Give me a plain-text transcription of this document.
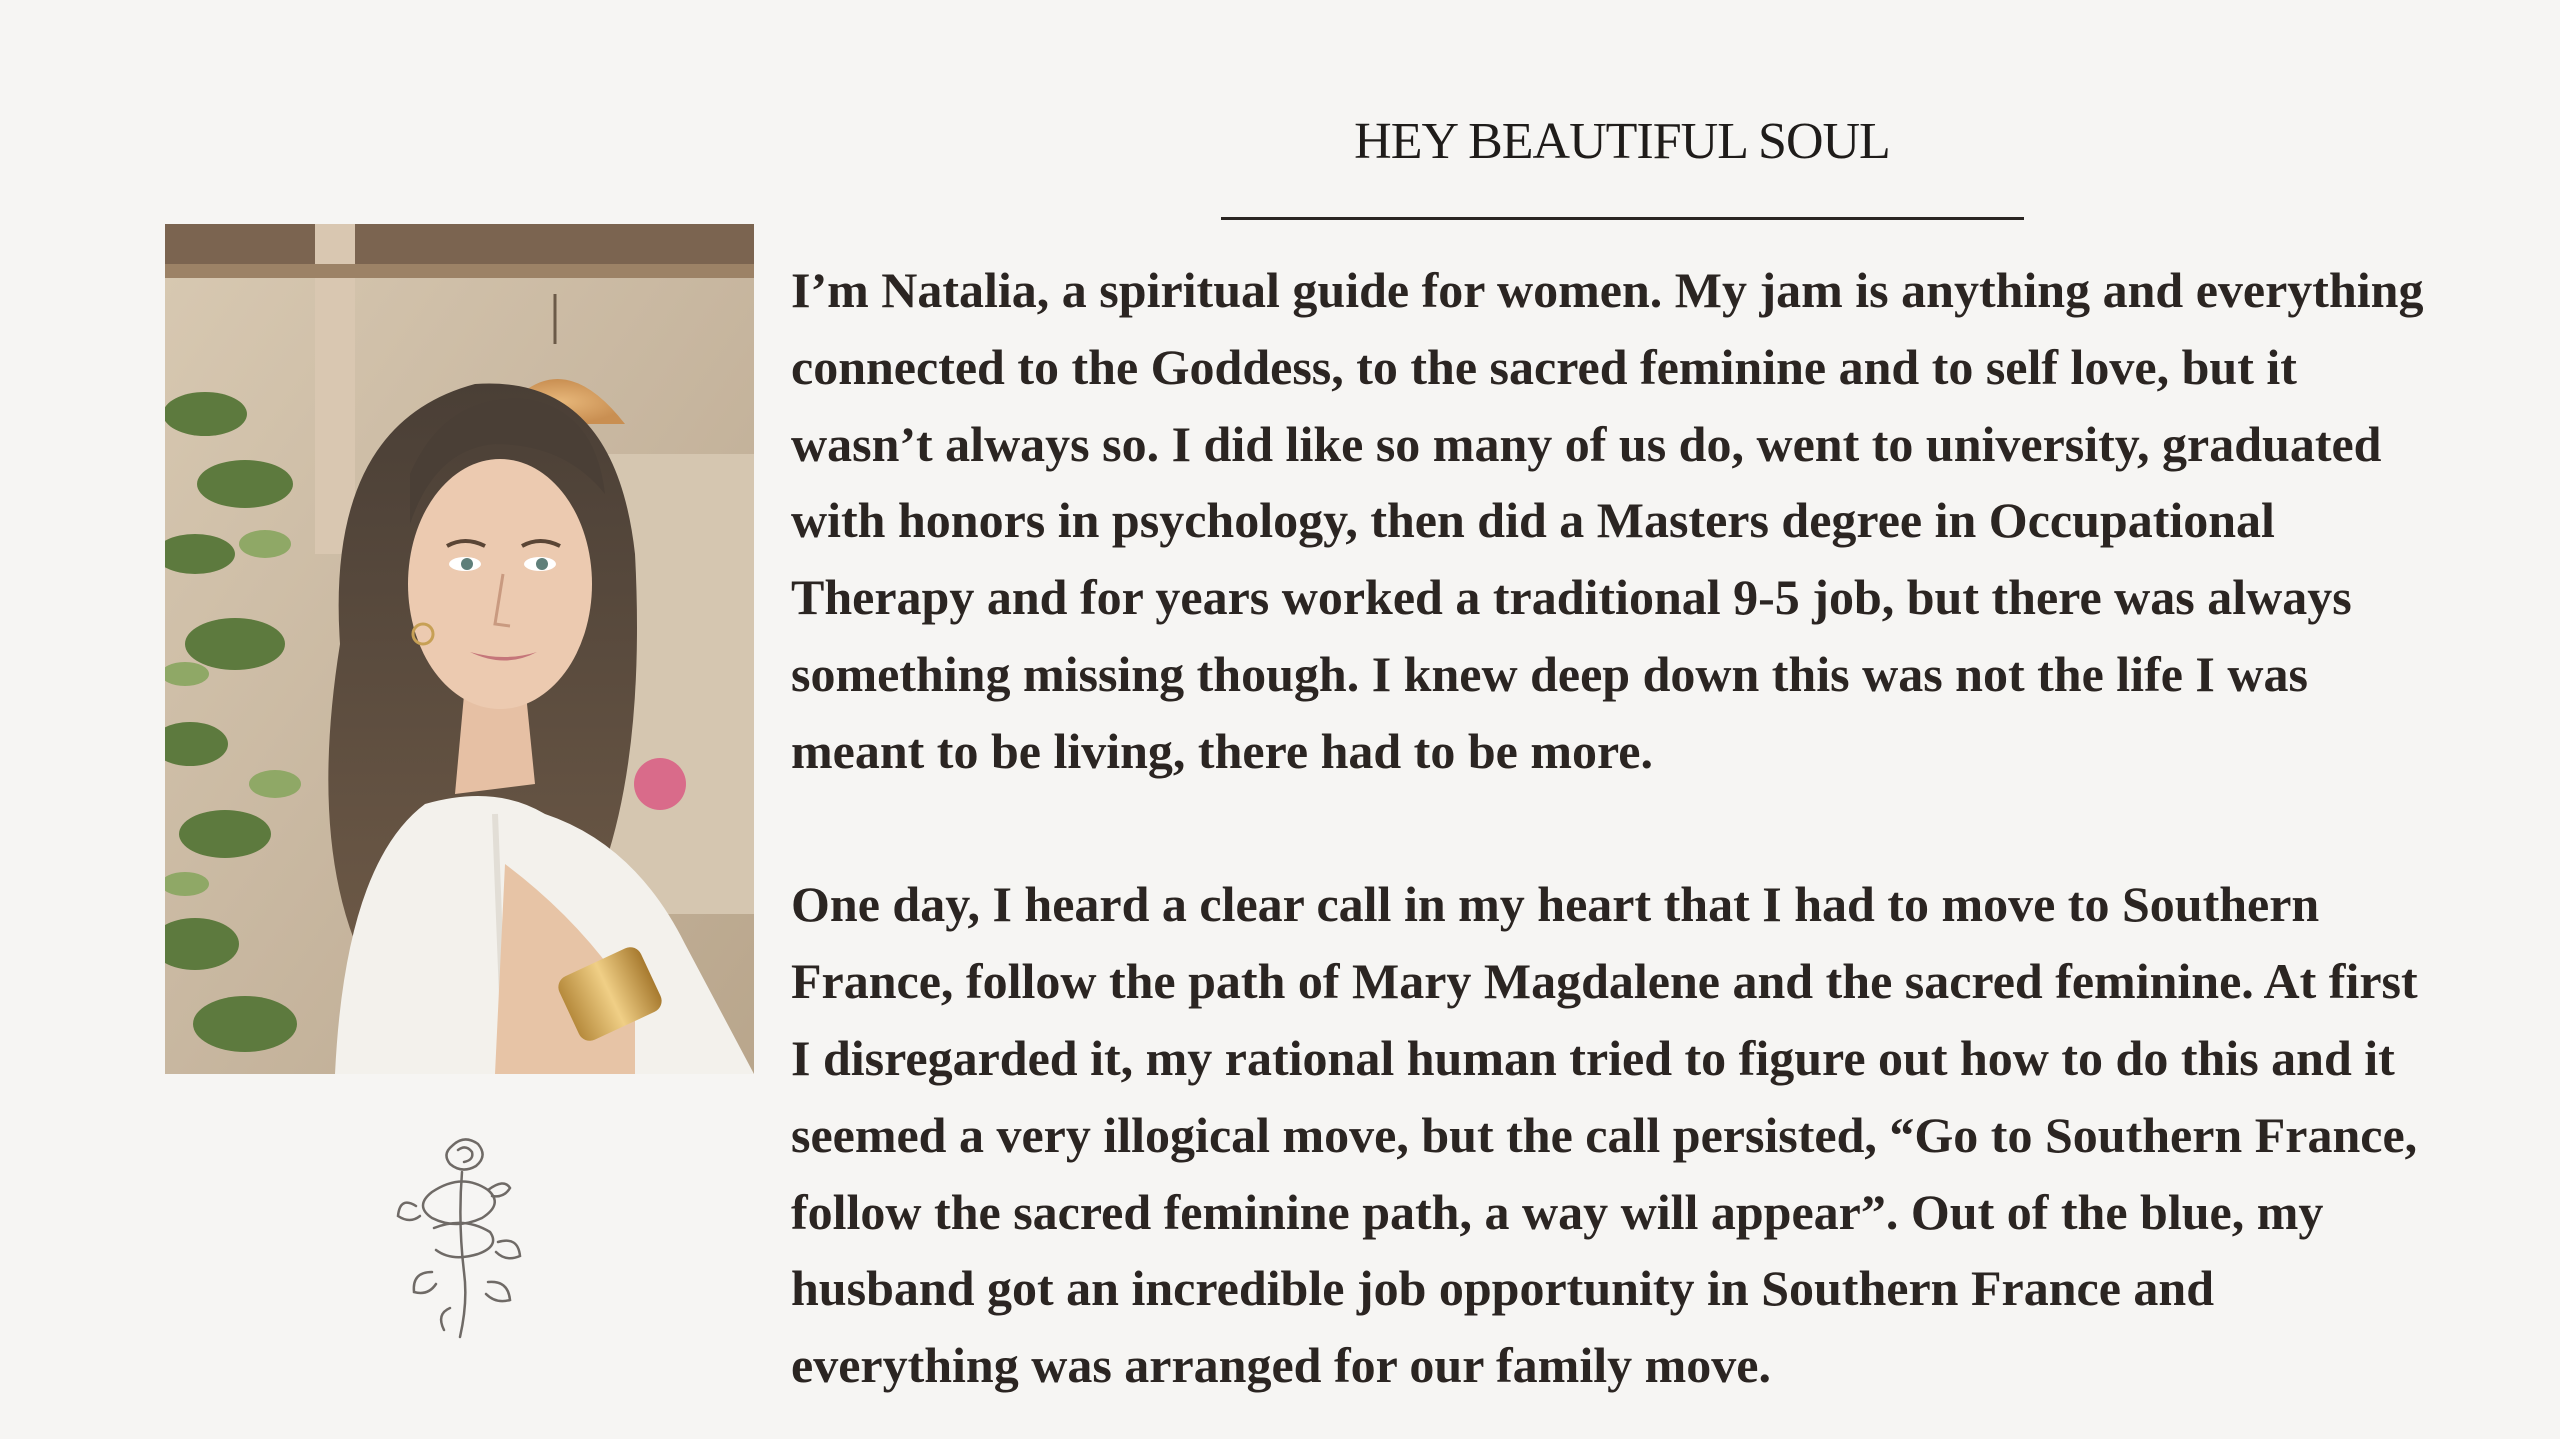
HEY BEAUTIFUL SOUL

I’m Natalia, a spiritual guide for women. My jam is anything and everything
connected to the Goddess, to the sacred feminine and to self love, but it
wasn’t always so. I did like so many of us do, went to university, graduated
with honors in psychology, then did a Masters degree in Occupational
Therapy and for years worked a traditional 9-5 job, but there was always
something missing though. I knew deep down this was not the life I was
meant to be living, there had to be more.

One day, I heard a clear call in my heart that I had to move to Southern
France, follow the path of Mary Magdalene and the sacred feminine. At first
I disregarded it, my rational human tried to figure out how to do this and it
seemed a very illogical move, but the call persisted, “Go to Southern France,
follow the sacred feminine path, a way will appear”. Out of the blue, my
husband got an incredible job opportunity in Southern France and
everything was arranged for our family move.
